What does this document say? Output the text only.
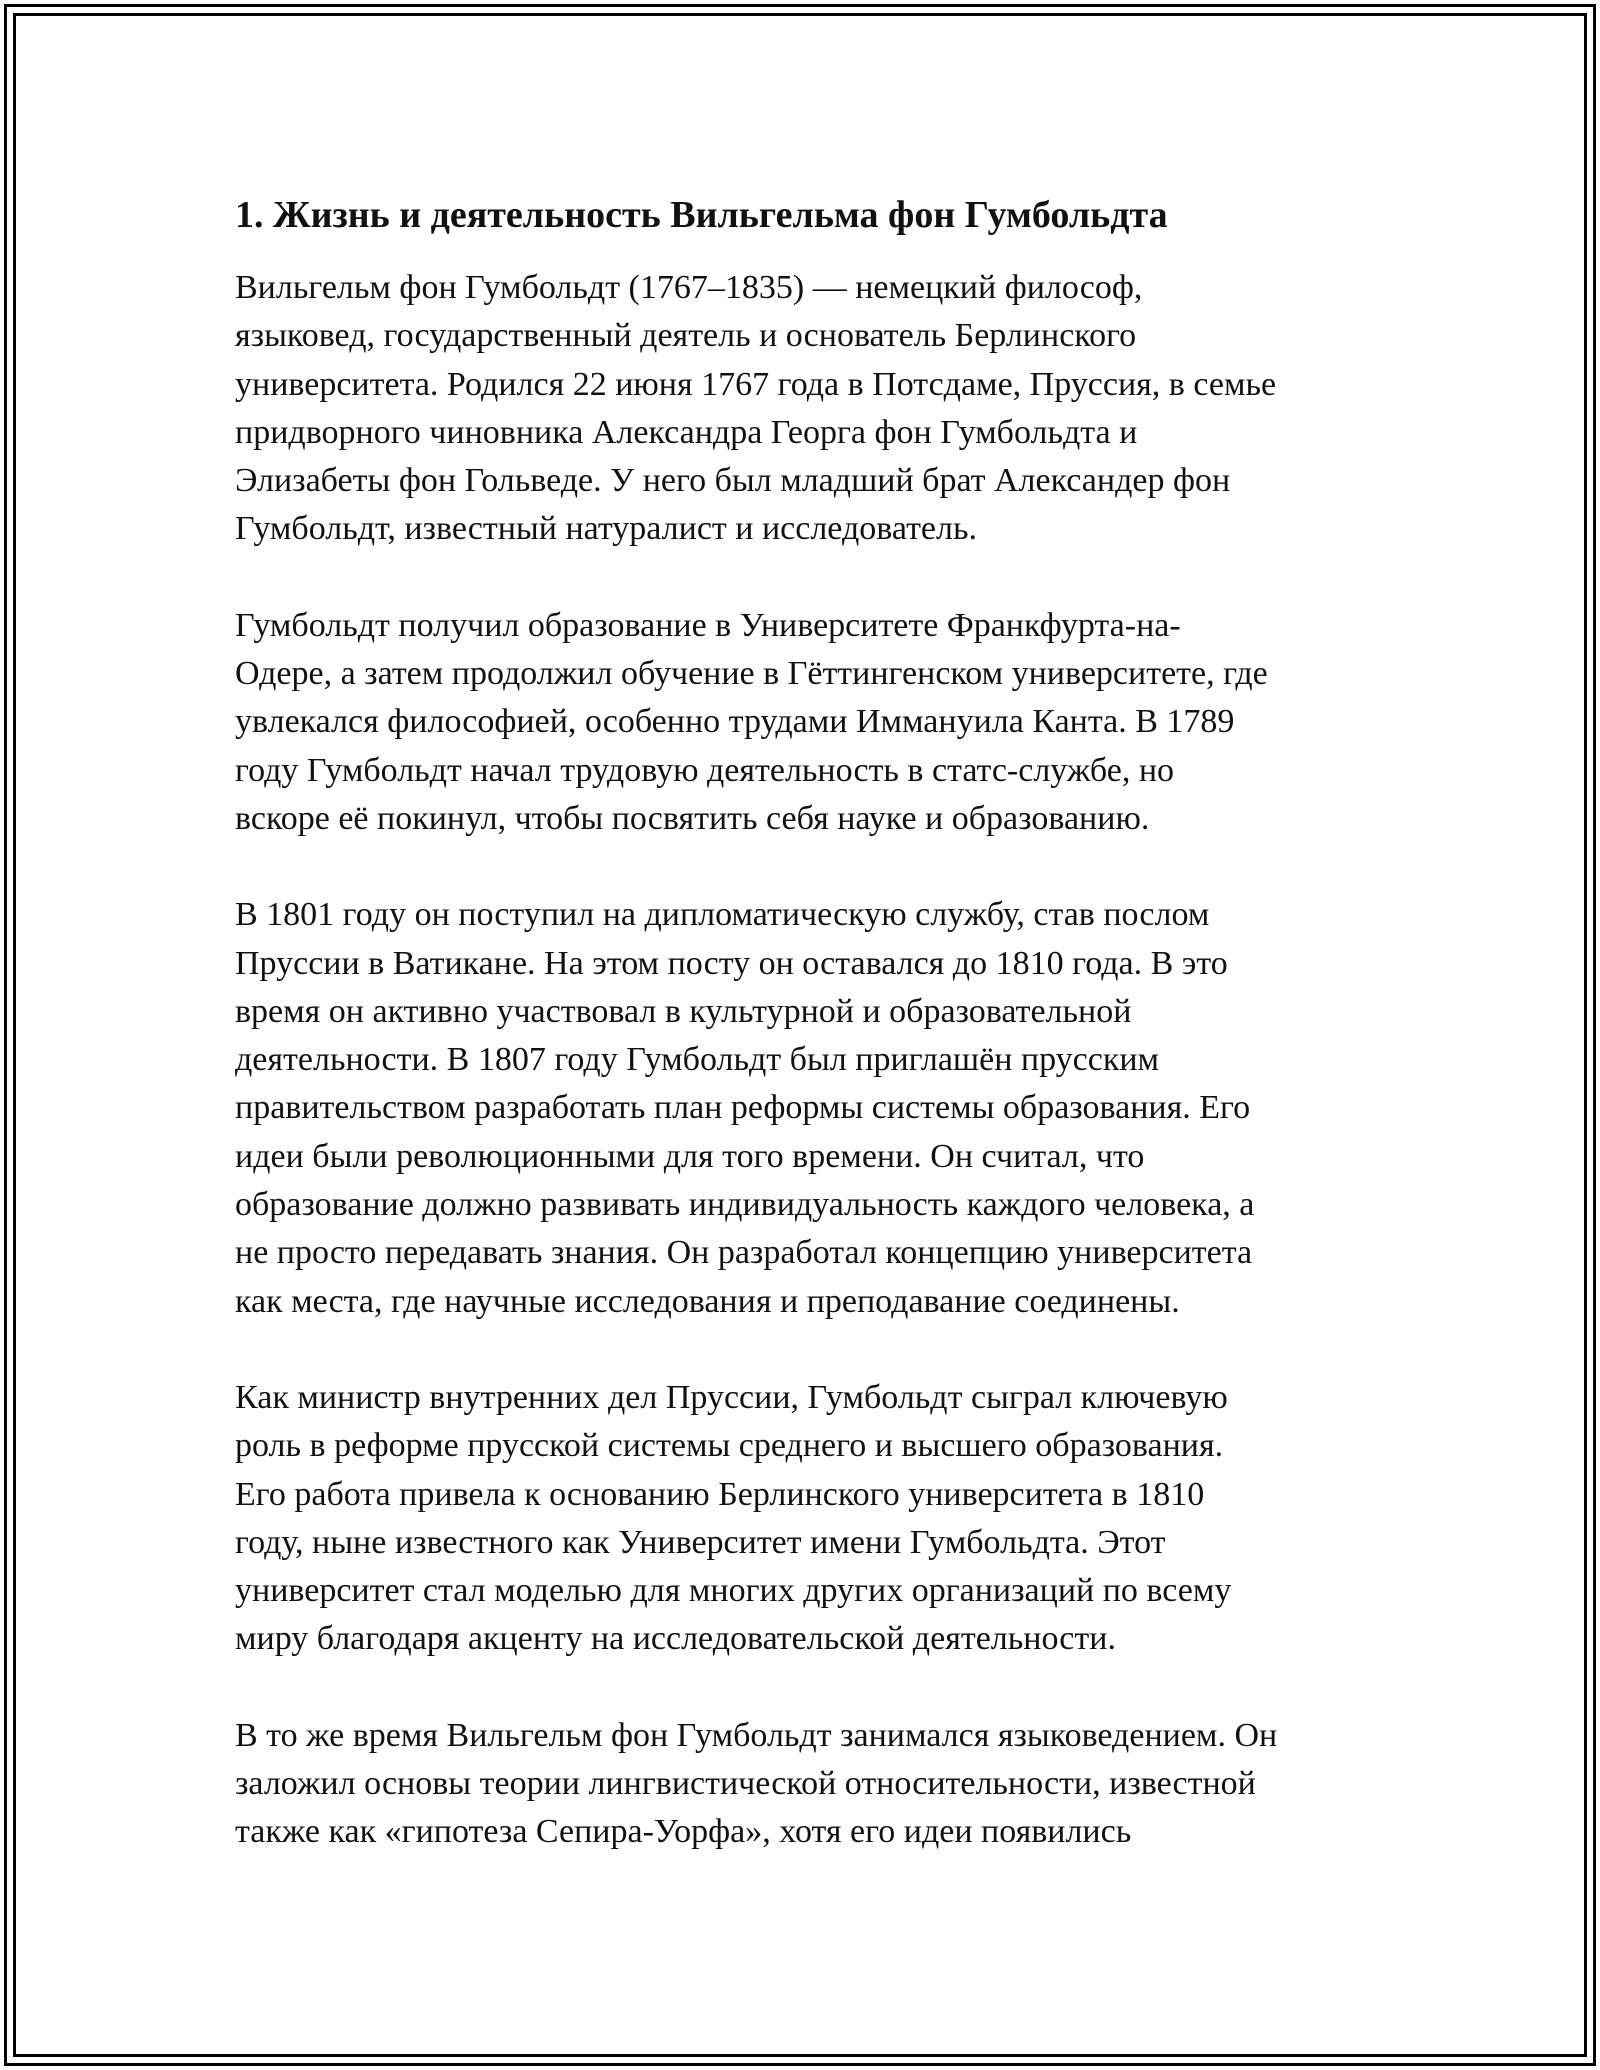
1. Жизнь и деятельность Вильгельма фон Гумбольдта

Вильгельм фон Гумбольдт (1767–1835) — немецкий философ,
языковед, государственный деятель и основатель Берлинского
университета. Родился 22 июня 1767 года в Потсдаме, Пруссия, в семье
придворного чиновника Александра Георга фон Гумбольдта и
Элизабеты фон Гольведе. У него был младший брат Александер фон
Гумбольдт, известный натуралист и исследователь.

Гумбольдт получил образование в Университете Франкфурта-на-
Одере, а затем продолжил обучение в Гёттингенском университете, где
увлекался философией, особенно трудами Иммануила Канта. В 1789
году Гумбольдт начал трудовую деятельность в статс-службе, но
вскоре её покинул, чтобы посвятить себя науке и образованию.

В 1801 году он поступил на дипломатическую службу, став послом
Пруссии в Ватикане. На этом посту он оставался до 1810 года. В это
время он активно участвовал в культурной и образовательной
деятельности. В 1807 году Гумбольдт был приглашён прусским
правительством разработать план реформы системы образования. Его
идеи были революционными для того времени. Он считал, что
образование должно развивать индивидуальность каждого человека, а
не просто передавать знания. Он разработал концепцию университета
как места, где научные исследования и преподавание соединены.

Как министр внутренних дел Пруссии, Гумбольдт сыграл ключевую
роль в реформе прусской системы среднего и высшего образования.
Его работа привела к основанию Берлинского университета в 1810
году, ныне известного как Университет имени Гумбольдта. Этот
университет стал моделью для многих других организаций по всему
миру благодаря акценту на исследовательской деятельности.

В то же время Вильгельм фон Гумбольдт занимался языковедением. Он
заложил основы теории лингвистической относительности, известной
также как «гипотеза Сепира-Уорфа», хотя его идеи появились
